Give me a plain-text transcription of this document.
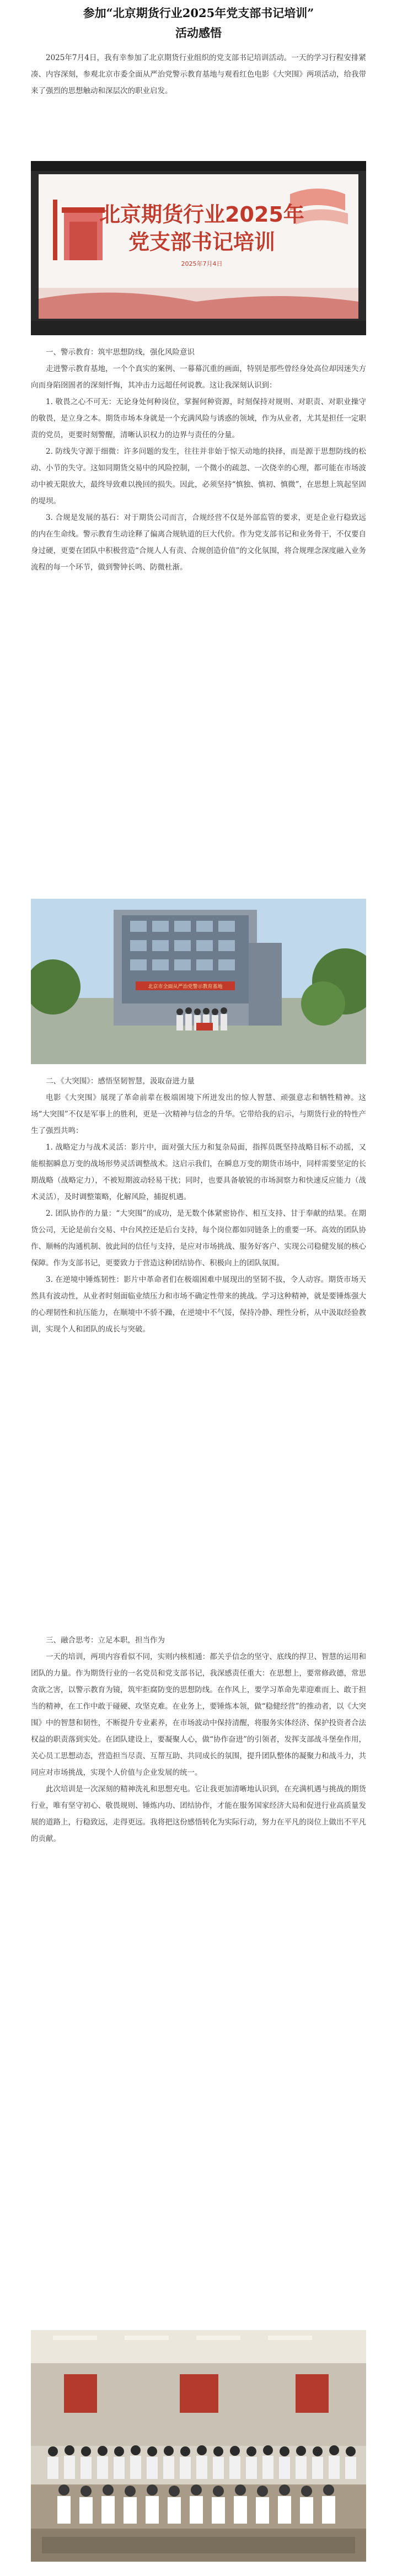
参加“北京期货行业2025年党支部书记培训”
活动感悟

2025年7月4日，我有幸参加了北京期货行业组织的党支部书记培训活动。一天的学习行程安排紧凑、内容深刻，参观北京市委全面从严治党警示教育基地与观看红色电影《大突围》两项活动，给我带来了强烈的思想触动和深层次的职业启发。

北京期货行业2025年
党支部书记培训
2025年7月4日

一、警示教育：筑牢思想防线，强化风险意识

走进警示教育基地，一个个真实的案例、一幕幕沉重的画面，特别是那些曾经身处高位却因迷失方向而身陷囹圄者的深刻忏悔，其冲击力远超任何说教。这让我深刻认识到：

1. 敬畏之心不可无：无论身处何种岗位，掌握何种资源，时刻保持对规则、对职责、对职业操守的敬畏，是立身之本。期货市场本身就是一个充满风险与诱惑的领域，作为从业者，尤其是担任一定职责的党员，更要时刻警醒，清晰认识权力的边界与责任的分量。

2. 防线失守源于细微：许多问题的发生，往往并非始于惊天动地的抉择，而是源于思想防线的松动、小节的失守。这如同期货交易中的风险控制，一个微小的疏忽、一次侥幸的心理，都可能在市场波动中被无限放大，最终导致难以挽回的损失。因此，必须坚持“慎独、慎初、慎微”，在思想上筑起坚固的堤坝。

3. 合规是发展的基石：对于期货公司而言，合规经营不仅是外部监管的要求，更是企业行稳致远的内在生命线。警示教育生动诠释了偏离合规轨道的巨大代价。作为党支部书记和业务骨干，不仅要自身过硬，更要在团队中积极营造“合规人人有责、合规创造价值”的文化氛围，将合规理念深度融入业务流程的每一个环节，做到警钟长鸣、防微杜渐。

北京市全面从严治党警示教育基地

二、《大突围》：感悟坚韧智慧，汲取奋进力量

电影《大突围》展现了革命前辈在极端困境下所迸发出的惊人智慧、顽强意志和牺牲精神。这场“大突围”不仅是军事上的胜利，更是一次精神与信念的升华。它带给我的启示，与期货行业的特性产生了强烈共鸣：

1. 战略定力与战术灵活：影片中，面对强大压力和复杂局面，指挥员既坚持战略目标不动摇，又能根据瞬息万变的战场形势灵活调整战术。这启示我们，在瞬息万变的期货市场中，同样需要坚定的长期战略（战略定力），不被短期波动轻易干扰；同时，也要具备敏锐的市场洞察力和快速反应能力（战术灵活），及时调整策略，化解风险，捕捉机遇。

2. 团队协作的力量：“大突围”的成功，是无数个体紧密协作、相互支持、甘于奉献的结果。在期货公司，无论是前台交易、中台风控还是后台支持，每个岗位都如同链条上的重要一环。高效的团队协作、顺畅的沟通机制、彼此间的信任与支持，是应对市场挑战、服务好客户、实现公司稳健发展的核心保障。作为支部书记，更要致力于营造这种团结协作、积极向上的团队氛围。

3. 在逆境中锤炼韧性：影片中革命者们在极端困难中展现出的坚韧不拔，令人动容。期货市场天然具有波动性，从业者时刻面临业绩压力和市场不确定性带来的挑战。学习这种精神，就是要锤炼强大的心理韧性和抗压能力，在顺境中不骄不躁，在逆境中不气馁，保持冷静、理性分析，从中汲取经验教训，实现个人和团队的成长与突破。

三、融合思考：立足本职，担当作为

一天的培训，两项内容看似不同，实则内核相通：都关乎信念的坚守、底线的捍卫、智慧的运用和团队的力量。作为期货行业的一名党员和党支部书记，我深感责任重大：在思想上，要常修政德，常思贪欲之害，以警示教育为镜，筑牢拒腐防变的思想防线。在作风上，要学习革命先辈迎难而上、敢于担当的精神，在工作中敢于碰硬、攻坚克难。在业务上，要锤炼本领，做“稳健经营”的推动者，以《大突围》中的智慧和韧性，不断提升专业素养，在市场波动中保持清醒，将服务实体经济、保护投资者合法权益的职责落到实处。在团队建设上，要凝聚人心，做“协作奋进”的引领者，发挥支部战斗堡垒作用，关心员工思想动态，营造担当尽责、互帮互助、共同成长的氛围，提升团队整体的凝聚力和战斗力，共同应对市场挑战，实现个人价值与企业发展的统一。

此次培训是一次深刻的精神洗礼和思想充电。它让我更加清晰地认识到，在充满机遇与挑战的期货行业，唯有坚守初心、敬畏规则、锤炼内功、团结协作，才能在服务国家经济大局和促进行业高质量发展的道路上，行稳致远，走得更远。我将把这份感悟转化为实际行动，努力在平凡的岗位上做出不平凡的贡献。
